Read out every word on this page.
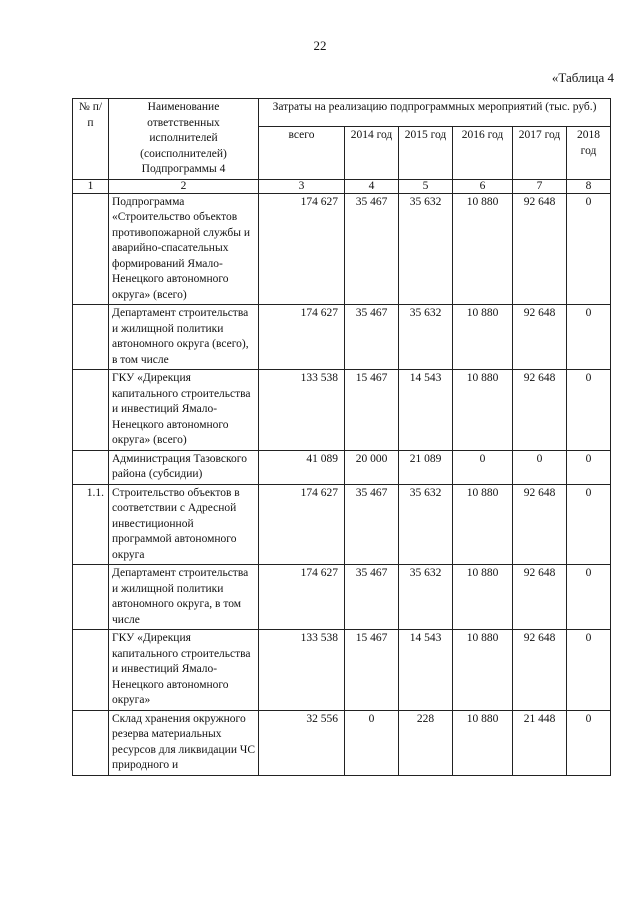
22
«Таблица 4
№ п/п	Наименование ответственных исполнителей (соисполнителей) Подпрограммы 4	Затраты на реализацию подпрограммных мероприятий (тыс. руб.)					
		всего	2014 год	2015 год	2016 год	2017 год	2018 год
1	2	3	4	5	6	7	8
	Подпрограмма «Строительство объектов противопожарной службы и аварийно-спасательных формирований Ямало-Ненецкого автономного округа» (всего)	174 627	35 467	35 632	10 880	92 648	0
	Департамент строительства и жилищной политики автономного округа (всего), в том числе	174 627	35 467	35 632	10 880	92 648	0
	ГКУ «Дирекция капитального строительства и инвестиций Ямало-Ненецкого автономного округа» (всего)	133 538	15 467	14 543	10 880	92 648	0
	Администрация Тазовского района (субсидии)	41 089	20 000	21 089	0	0	0
1.1.	Строительство объектов в соответствии с Адресной инвестиционной программой автономного округа	174 627	35 467	35 632	10 880	92 648	0
	Департамент строительства и жилищной политики автономного округа, в том числе	174 627	35 467	35 632	10 880	92 648	0
	ГКУ «Дирекция капитального строительства и инвестиций Ямало-Ненецкого автономного округа»	133 538	15 467	14 543	10 880	92 648	0
	Склад хранения окружного резерва материальных ресурсов для ликвидации ЧС природного и	32 556	0	228	10 880	21 448	0
